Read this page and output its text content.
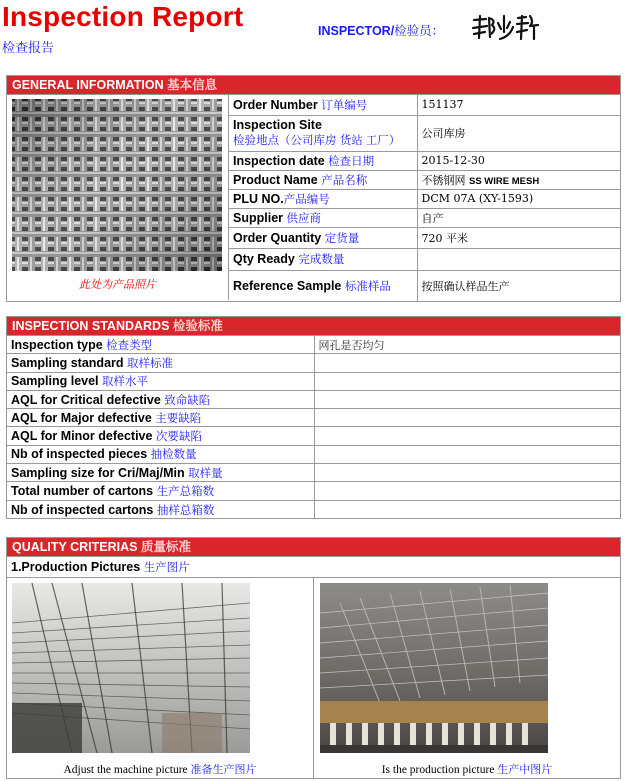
Inspection Report
检查报告
INSPECTOR/检验员：
GENERAL INFORMATION 基本信息
此处为产品照片
Order Number 订单编号	151137

Inspection Site
检验地点（公司库房 货站 工厂）	公司库房
Inspection date 检查日期	2015-12-30
Product Name 产品名称	不锈钢网 SS WIRE MESH
PLU NO.产品编号	DCM 07A (XY-1593)
Supplier 供应商	自产
Order Quantity 定货量	720 平米
Qty Ready 完成数量	
Reference Sample 标准样品	按照确认样品生产
INSPECTION STANDARDS 检验标准
Inspection type 检查类型	网孔是否均匀
Sampling standard 取样标准	
Sampling level 取样水平	
AQL for Critical defective 致命缺陷	
AQL for Major defective 主要缺陷	
AQL for Minor defective 次要缺陷	
Nb of inspected pieces 抽检数量	
Sampling size for Cri/Maj/Min 取样量	
Total number of cartons 生产总箱数	
Nb of inspected cartons 抽样总箱数	
QUALITY CRITERIAS 质量标准
1.Production Pictures 生产图片
Adjust the machine picture 准备生产图片	Is the production picture 生产中图片
